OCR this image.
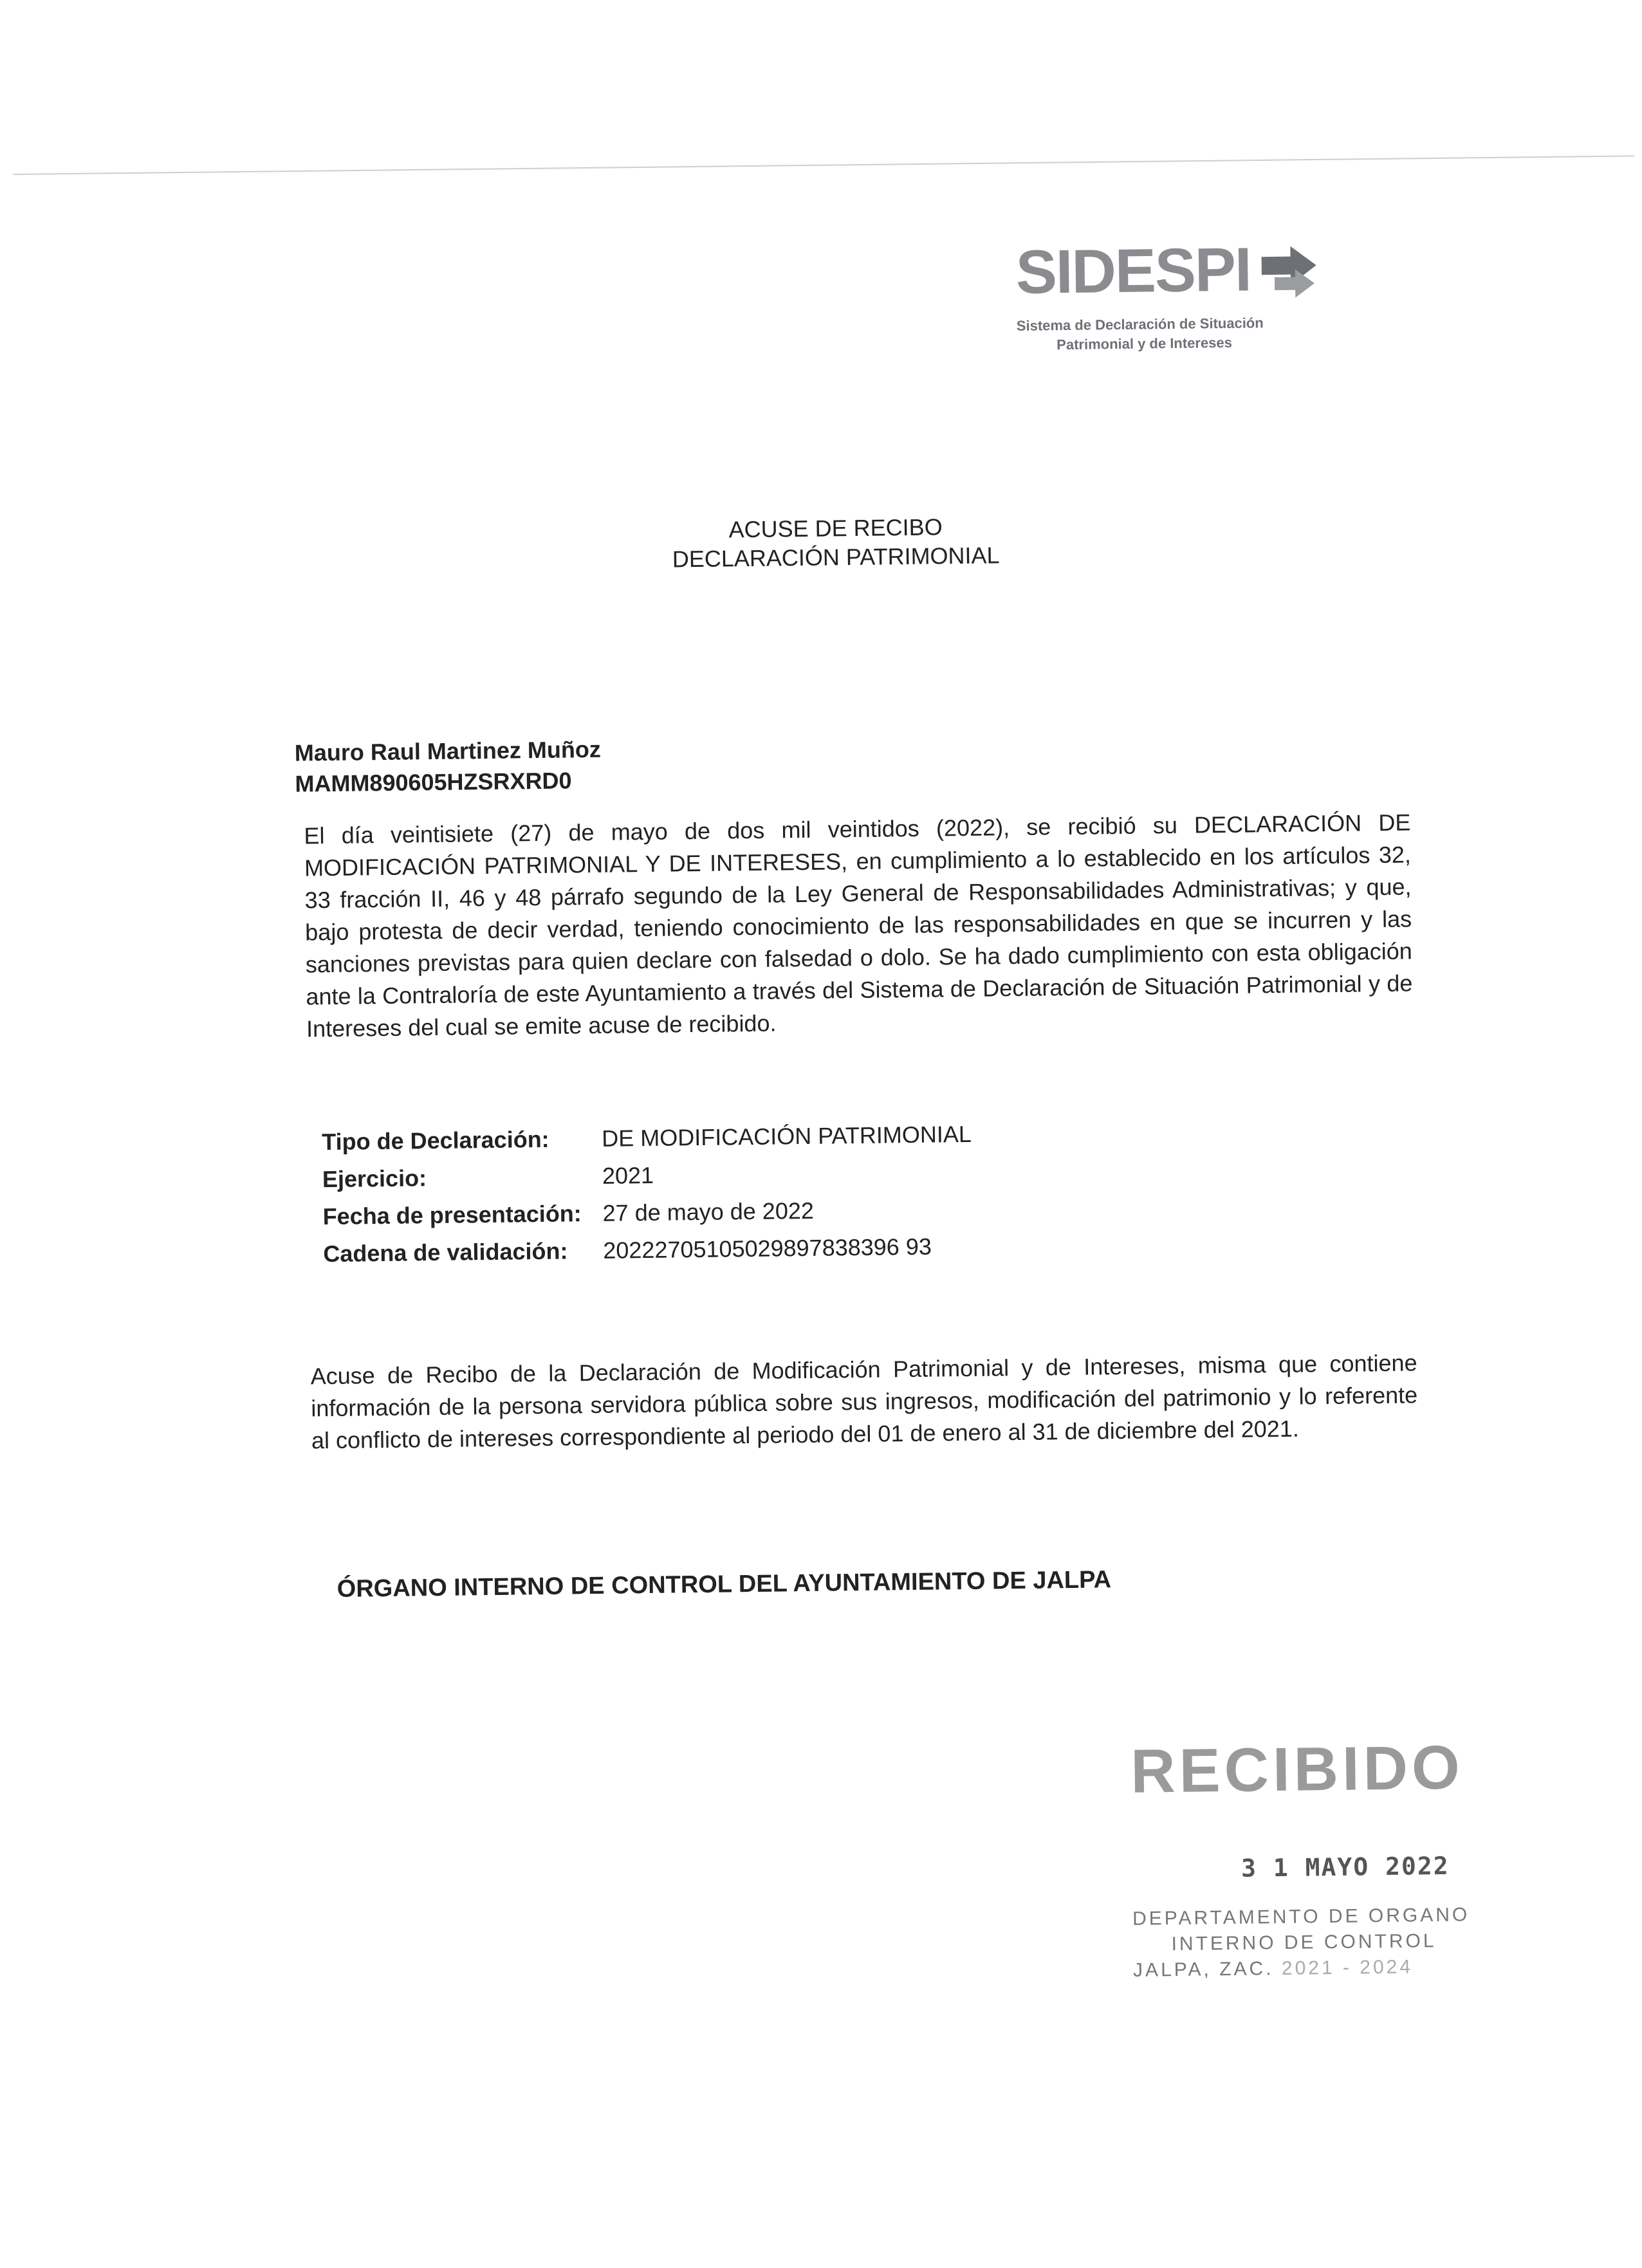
SIDESPI
Sistema de Declaración de Situación
Patrimonial y de Intereses
ACUSE DE RECIBO
DECLARACIÓN PATRIMONIAL
Mauro Raul Martinez Muñoz
MAMM890605HZSRXRD0

El día veintisiete (27) de mayo de dos mil veintidos (2022), se recibió su DECLARACIÓN DE MODIFICACIÓN PATRIMONIAL Y DE INTERESES, en cumplimiento a lo establecido en los artículos 32, 33 fracción II, 46 y 48 párrafo segundo de la Ley General de Responsabilidades Administrativas; y que, bajo protesta de decir verdad, teniendo conocimiento de las responsabilidades en que se incurren y las sanciones previstas para quien declare con falsedad o dolo. Se ha dado cumplimiento con esta obligación ante la Contraloría de este Ayuntamiento a través del Sistema de Declaración de Situación Patrimonial y de Intereses del cual se emite acuse de recibido.

Tipo de Declaración: DE MODIFICACIÓN PATRIMONIAL
Ejercicio:	2021
Fecha de presentación: 27 de mayo de 2022
Cadena de validación: 20222705105029897838396 93

Acuse de Recibo de la Declaración de Modificación Patrimonial y de Intereses, misma que contiene información de la persona servidora pública sobre sus ingresos, modificación del patrimonio y lo referente al conflicto de intereses correspondiente al periodo del 01 de enero al 31 de diciembre del 2021.

ÓRGANO INTERNO DE CONTROL DEL AYUNTAMIENTO DE JALPA
RECIBIDO
3 1 MAYO 2022
DEPARTAMENTO DE ORGANO
INTERNO DE CONTROL
JALPA, ZAC. 2021 - 2024
